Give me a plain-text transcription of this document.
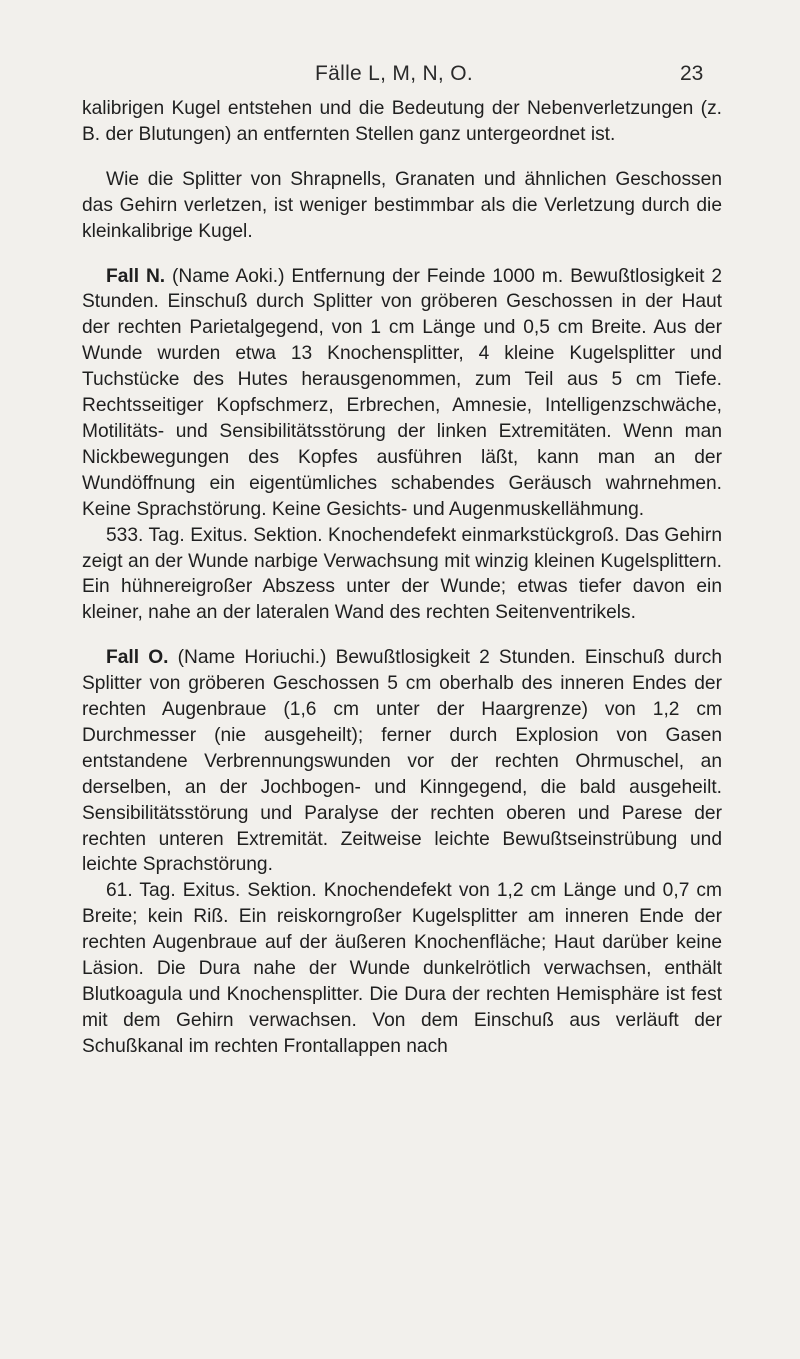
Fälle L, M, N, O.	23

kalibrigen Kugel entstehen und die Bedeutung der Nebenverletzungen (z. B. der Blutungen) an entfernten Stellen ganz untergeordnet ist.

Wie die Splitter von Shrapnells, Granaten und ähnlichen Geschossen das Gehirn verletzen, ist weniger bestimmbar als die Verletzung durch die kleinkalibrige Kugel.

Fall N. (Name Aoki.) Entfernung der Feinde 1000 m. Bewußtlosigkeit 2 Stunden. Einschuß durch Splitter von gröberen Geschossen in der Haut der rechten Parietalgegend, von 1 cm Länge und 0,5 cm Breite. Aus der Wunde wurden etwa 13 Knochensplitter, 4 kleine Kugelsplitter und Tuchstücke des Hutes herausgenommen, zum Teil aus 5 cm Tiefe. Rechtsseitiger Kopfschmerz, Erbrechen, Amnesie, Intelligenzschwäche, Motilitäts- und Sensibilitätsstörung der linken Extremitäten. Wenn man Nickbewegungen des Kopfes ausführen läßt, kann man an der Wundöffnung ein eigentümliches schabendes Geräusch wahrnehmen. Keine Sprachstörung. Keine Gesichts- und Augenmuskellähmung.

533. Tag. Exitus. Sektion. Knochendefekt einmarkstückgroß. Das Gehirn zeigt an der Wunde narbige Verwachsung mit winzig kleinen Kugelsplittern. Ein hühnereigroßer Abszess unter der Wunde; etwas tiefer davon ein kleiner, nahe an der lateralen Wand des rechten Seitenventrikels.

Fall O. (Name Horiuchi.) Bewußtlosigkeit 2 Stunden. Einschuß durch Splitter von gröberen Geschossen 5 cm oberhalb des inneren Endes der rechten Augenbraue (1,6 cm unter der Haargrenze) von 1,2 cm Durchmesser (nie ausgeheilt); ferner durch Explosion von Gasen entstandene Verbrennungswunden vor der rechten Ohrmuschel, an derselben, an der Jochbogen- und Kinngegend, die bald ausgeheilt. Sensibilitätsstörung und Paralyse der rechten oberen und Parese der rechten unteren Extremität. Zeitweise leichte Bewußtseinstrübung und leichte Sprachstörung.

61. Tag. Exitus. Sektion. Knochendefekt von 1,2 cm Länge und 0,7 cm Breite; kein Riß. Ein reiskorngroßer Kugelsplitter am inneren Ende der rechten Augenbraue auf der äußeren Knochenfläche; Haut darüber keine Läsion. Die Dura nahe der Wunde dunkelrötlich verwachsen, enthält Blutkoagula und Knochensplitter. Die Dura der rechten Hemisphäre ist fest mit dem Gehirn verwachsen. Von dem Einschuß aus verläuft der Schußkanal im rechten Frontallappen nach
